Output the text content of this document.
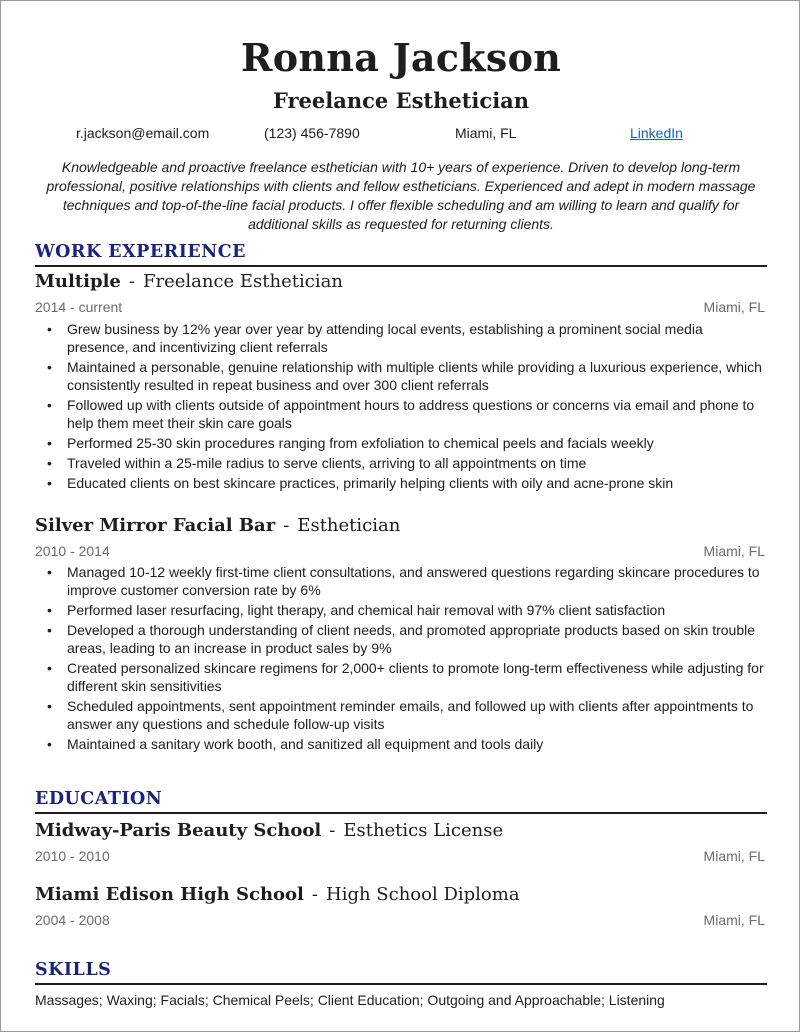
Ronna Jackson
Freelance Esthetician
r.jackson@email.com	(123) 456-7890	Miami, FL	LinkedIn
Knowledgeable and proactive freelance esthetician with 10+ years of experience. Driven to develop long-term professional, positive relationships with clients and fellow estheticians. Experienced and adept in modern massage techniques and top-of-the-line facial products. I offer flexible scheduling and am willing to learn and qualify for additional skills as requested for returning clients.
WORK EXPERIENCE
Multiple - Freelance Esthetician
2014 - current	Miami, FL
• Grew business by 12% year over year by attending local events, establishing a prominent social media presence, and incentivizing client referrals
• Maintained a personable, genuine relationship with multiple clients while providing a luxurious experience, which consistently resulted in repeat business and over 300 client referrals
• Followed up with clients outside of appointment hours to address questions or concerns via email and phone to help them meet their skin care goals
• Performed 25-30 skin procedures ranging from exfoliation to chemical peels and facials weekly
• Traveled within a 25-mile radius to serve clients, arriving to all appointments on time
• Educated clients on best skincare practices, primarily helping clients with oily and acne-prone skin
Silver Mirror Facial Bar - Esthetician
2010 - 2014	Miami, FL
• Managed 10-12 weekly first-time client consultations, and answered questions regarding skincare procedures to improve customer conversion rate by 6%
• Performed laser resurfacing, light therapy, and chemical hair removal with 97% client satisfaction
• Developed a thorough understanding of client needs, and promoted appropriate products based on skin trouble areas, leading to an increase in product sales by 9%
• Created personalized skincare regimens for 2,000+ clients to promote long-term effectiveness while adjusting for different skin sensitivities
• Scheduled appointments, sent appointment reminder emails, and followed up with clients after appointments to answer any questions and schedule follow-up visits
• Maintained a sanitary work booth, and sanitized all equipment and tools daily
EDUCATION
Midway-Paris Beauty School - Esthetics License
2010 - 2010	Miami, FL
Miami Edison High School - High School Diploma
2004 - 2008	Miami, FL
SKILLS
Massages; Waxing; Facials; Chemical Peels; Client Education; Outgoing and Approachable; Listening
